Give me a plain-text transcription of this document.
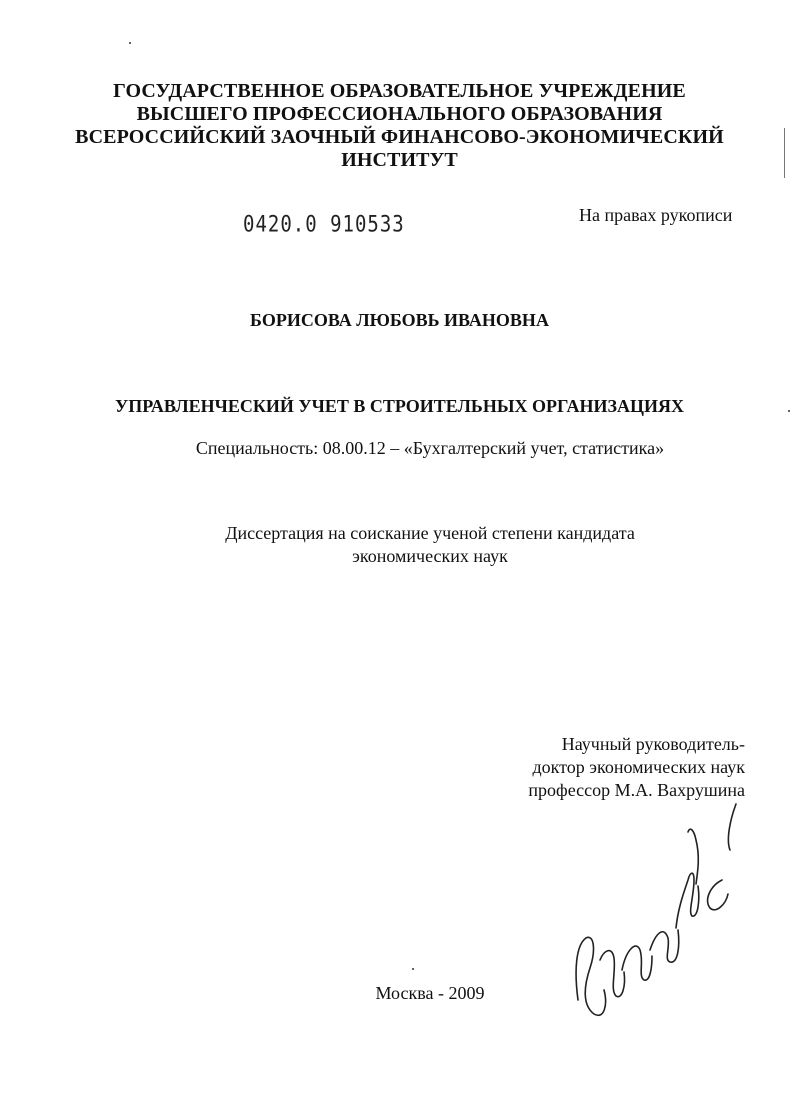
ГОСУДАРСТВЕННОЕ ОБРАЗОВАТЕЛЬНОЕ УЧРЕЖДЕНИЕ
ВЫСШЕГО ПРОФЕССИОНАЛЬНОГО ОБРАЗОВАНИЯ
ВСЕРОССИЙСКИЙ ЗАОЧНЫЙ ФИНАНСОВО-ЭКОНОМИЧЕСКИЙ
ИНСТИТУТ
0420.0 910533	На правах рукописи
БОРИСОВА ЛЮБОВЬ ИВАНОВНА
УПРАВЛЕНЧЕСКИЙ УЧЕТ В СТРОИТЕЛЬНЫХ ОРГАНИЗАЦИЯХ
Специальность: 08.00.12 – «Бухгалтерский учет, статистика»
Диссертация на соискание ученой степени кандидата
экономических наук
Научный руководитель-
доктор экономических наук
профессор М.А. Вахрушина
Москва - 2009
